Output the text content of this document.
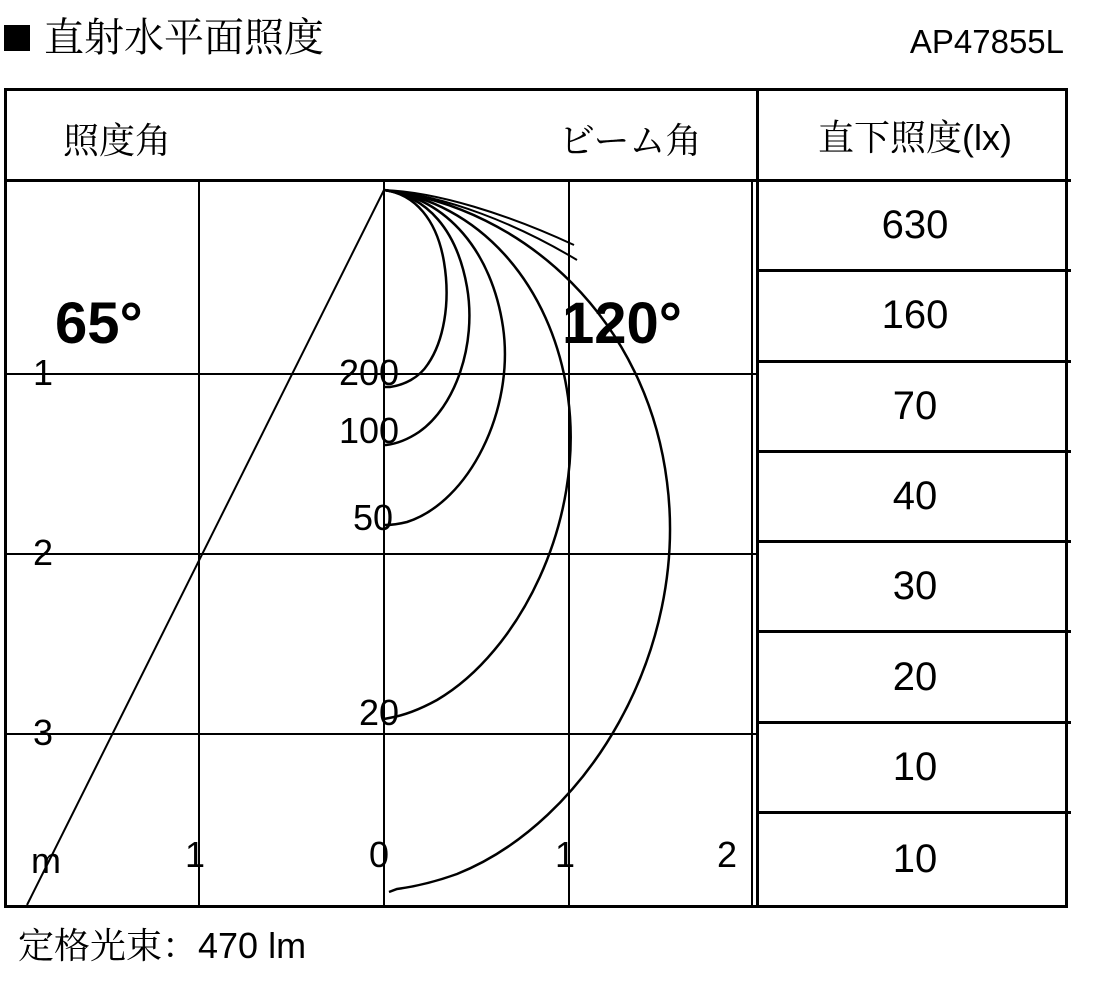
直射水平面照度	AP47855L
照度角	ビーム角
65°	120°
1
2
3
m	1	0	1	2
200
100
50
20
直下照度(lx)
630
160
70
40
30
20
10
10
定格光束：470 lm
